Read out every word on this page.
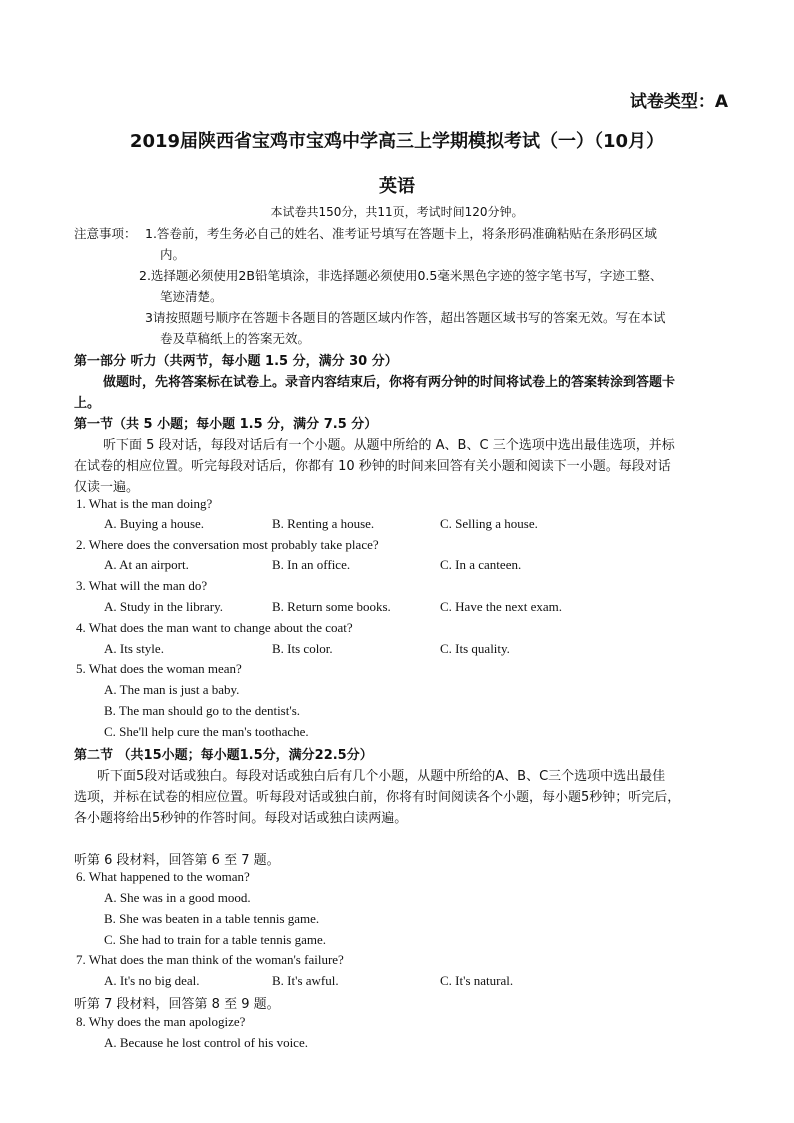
试卷类型：A
2019届陕西省宝鸡市宝鸡中学高三上学期模拟考试（一）（10月）
英语
本试卷共150分，共11页，考试时间120分钟。
注意事项： 1.答卷前，考生务必自己的姓名、准考证号填写在答题卡上，将条形码准确粘贴在条形码区域
内。
2.选择题必须使用2B铅笔填涂，非选择题必须使用0.5毫米黑色字迹的签字笔书写，字迹工整、
笔迹清楚。
3请按照题号顺序在答题卡各题目的答题区域内作答，超出答题区域书写的答案无效。写在本试
卷及草稿纸上的答案无效。
第一部分 听力（共两节，每小题 1.5 分，满分 30 分）
做题时，先将答案标在试卷上。录音内容结束后，你将有两分钟的时间将试卷上的答案转涂到答题卡
上。
第一节（共 5 小题；每小题 1.5 分，满分 7.5 分）
听下面 5 段对话，每段对话后有一个小题。从题中所给的 A、B、C 三个选项中选出最佳选项，并标
在试卷的相应位置。听完每段对话后，你都有 10 秒钟的时间来回答有关小题和阅读下一小题。每段对话
仅读一遍。
1. What is the man doing?
A. Buying a house.	B. Renting a house.	C. Selling a house.
2. Where does the conversation most probably take place?
A. At an airport.	B. In an office.	C. In a canteen.
3. What will the man do?
A. Study in the library.	B. Return some books.	C. Have the next exam.
4. What does the man want to change about the coat?
A. Its style.	B. Its color.	C. Its quality.
5. What does the woman mean?
A. The man is just a baby.
B. The man should go to the dentist's.
C. She'll help cure the man's toothache.
第二节 （共15小题；每小题1.5分，满分22.5分）
听下面5段对话或独白。每段对话或独白后有几个小题，从题中所给的A、B、C三个选项中选出最佳
选项，并标在试卷的相应位置。听每段对话或独白前，你将有时间阅读各个小题，每小题5秒钟；听完后，
各小题将给出5秒钟的作答时间。每段对话或独白读两遍。
听第 6 段材料，回答第 6 至 7 题。
6. What happened to the woman?
A. She was in a good mood.
B. She was beaten in a table tennis game.
C. She had to train for a table tennis game.
7. What does the man think of the woman's failure?
A. It's no big deal.	B. It's awful.	C. It's natural.
听第 7 段材料，回答第 8 至 9 题。
8. Why does the man apologize?
A. Because he lost control of his voice.
